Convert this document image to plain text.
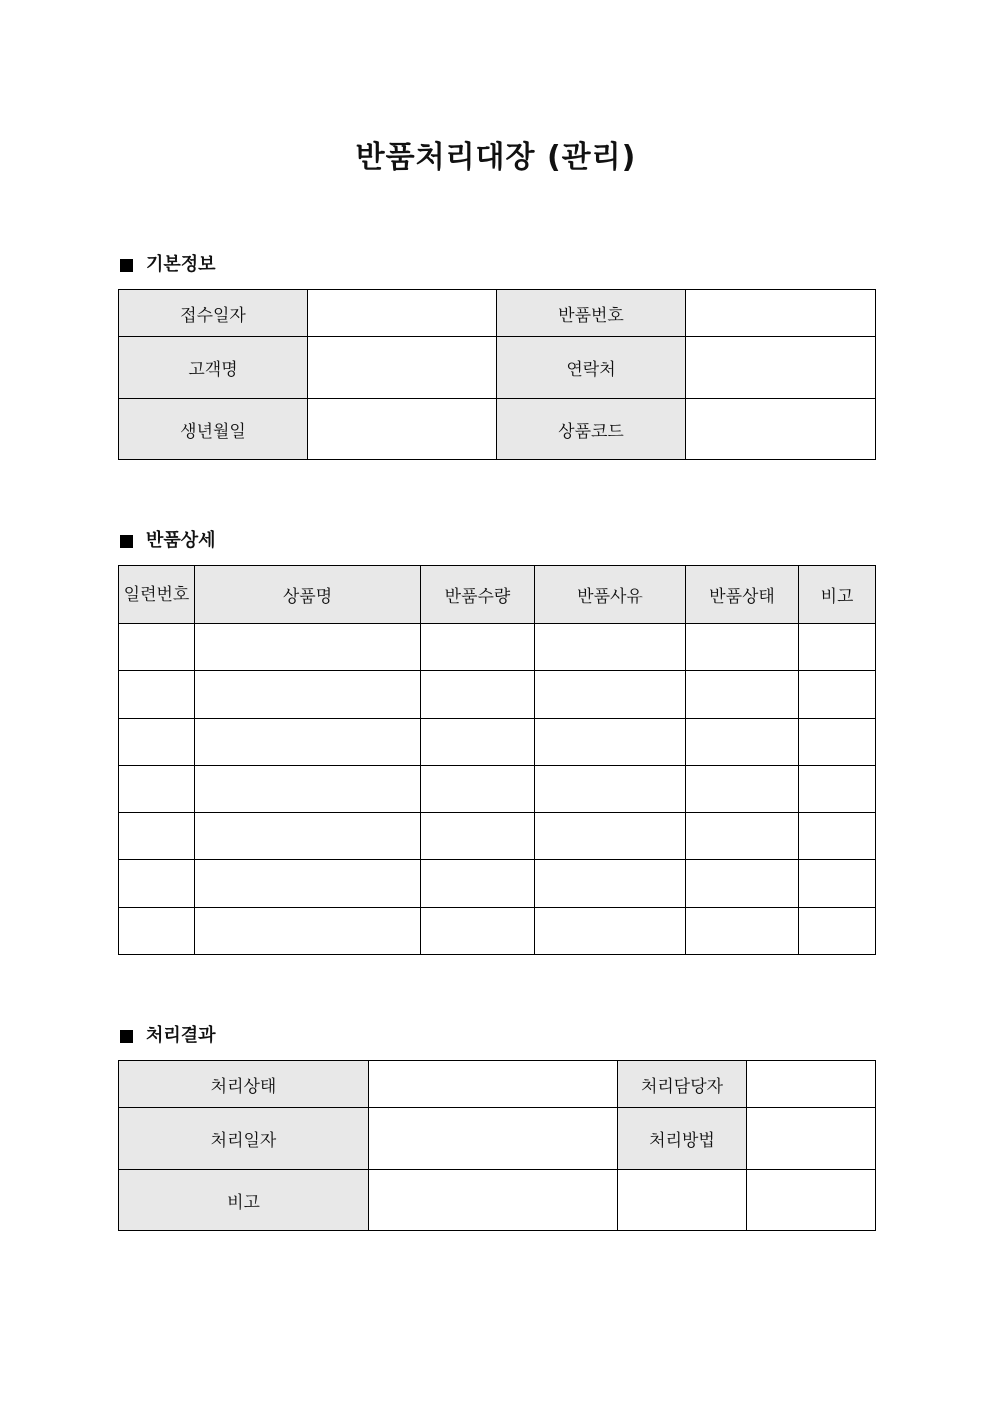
반품처리대장 (관리)
기본정보
접수일자		반품번호	
고객명		연락처	
생년월일		상품코드	
반품상세
일련번호	상품명	반품수량	반품사유	반품상태	비고

처리결과
처리상태		처리담당자	
처리일자		처리방법	
비고			
